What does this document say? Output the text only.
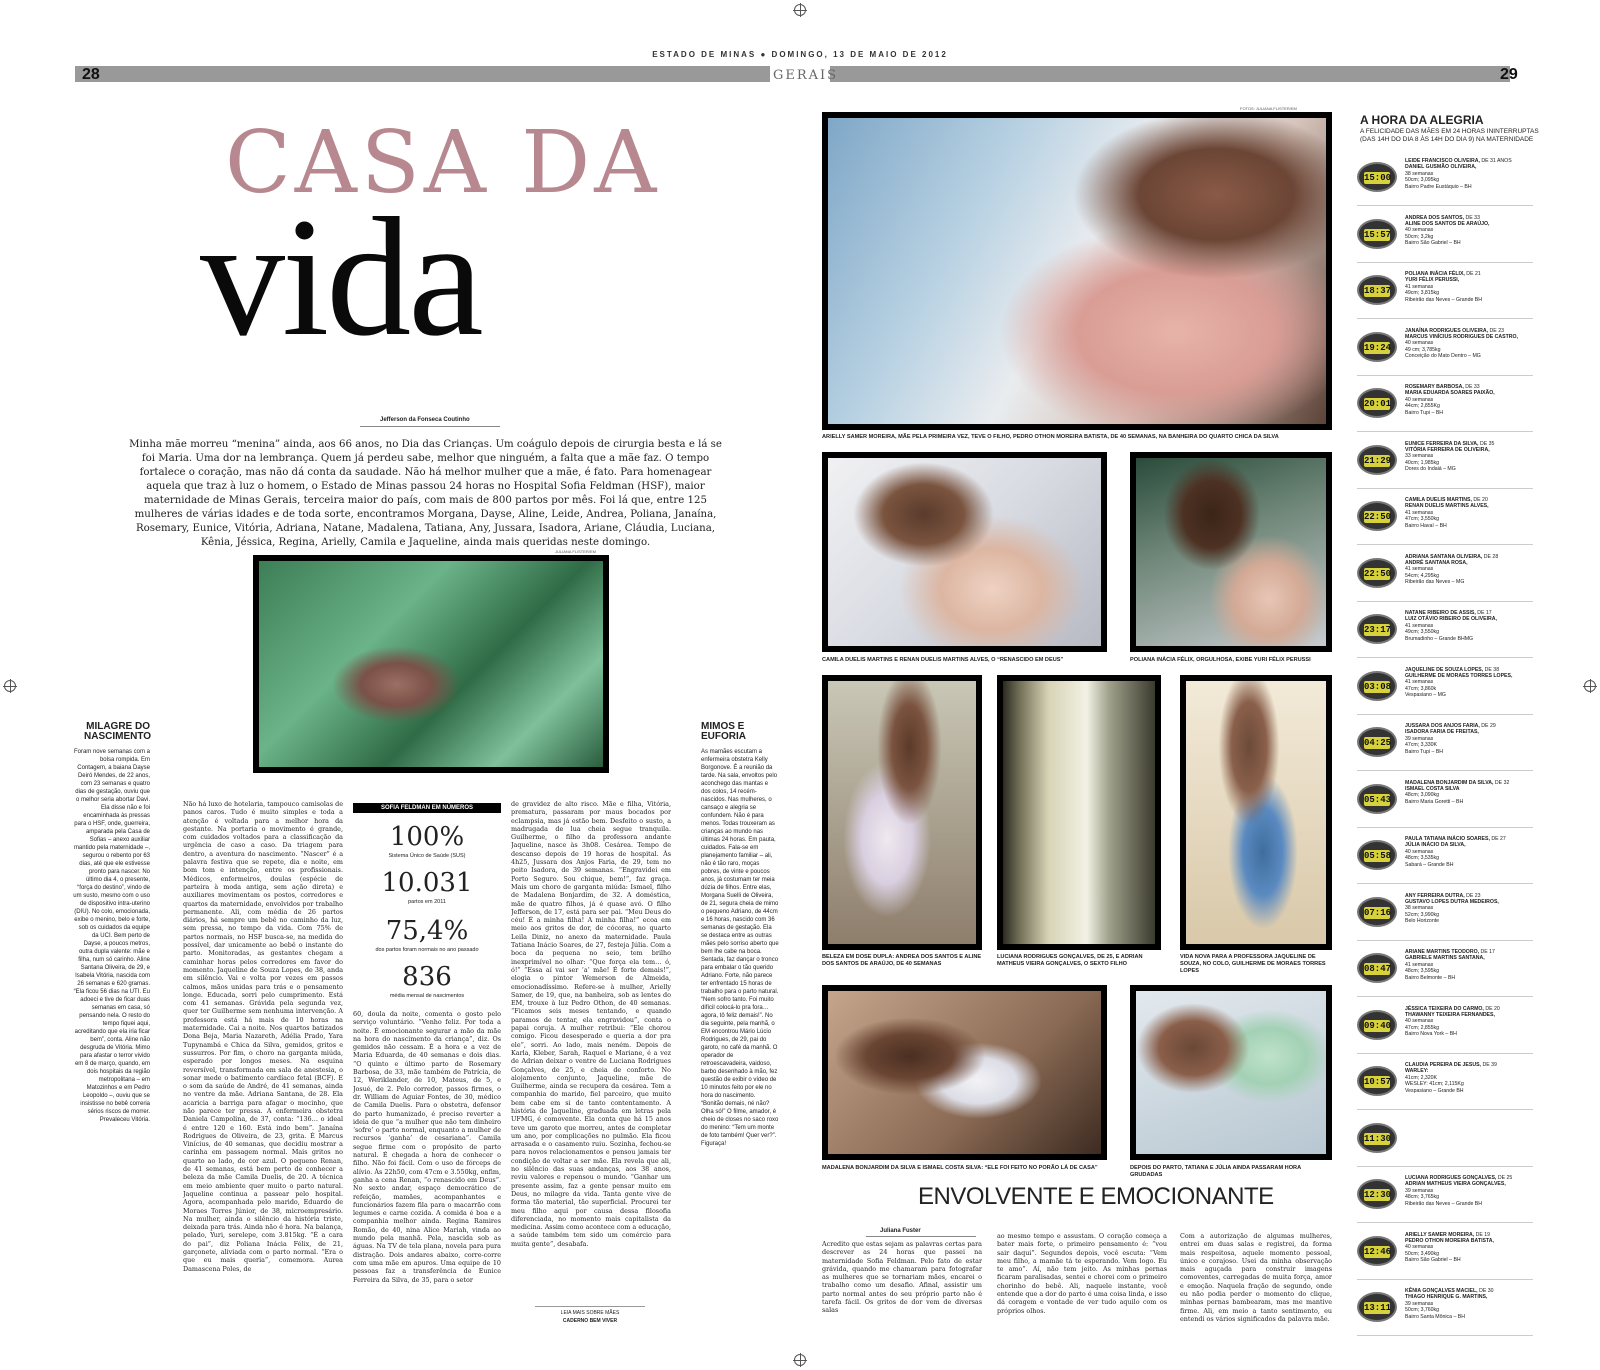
ESTADO DE MINAS ● DOMINGO, 13 DE MAIO DE 2012
28	29
GERAIS
CASA DA
vida
Jefferson da Fonseca Coutinho
Minha mãe morreu “menina” ainda, aos 66 anos, no Dia das Crianças. Um coágulo depois de cirurgia besta e lá se foi Maria. Uma dor na lembrança. Quem já perdeu sabe, melhor que ninguém, a falta que a mãe faz. O tempo fortalece o coração, mas não dá conta da saudade. Não há melhor mulher que a mãe, é fato. Para homenagear aquela que traz à luz o homem, o Estado de Minas passou 24 horas no Hospital Sofia Feldman (HSF), maior maternidade de Minas Gerais, terceira maior do país, com mais de 800 partos por mês. Foi lá que, entre 125 mulheres de várias idades e de toda sorte, encontramos Morgana, Dayse, Aline, Leide, Andrea, Poliana, Janaína, Rosemary, Eunice, Vitória, Adriana, Natane, Madalena, Tatiana, Any, Jussara, Isadora, Ariane, Cláudia, Luciana, Kênia, Jéssica, Regina, Arielly, Camila e Jaqueline, ainda mais queridas neste domingo.
JULIANA FLISTER/EM
MILAGRE DO NASCIMENTO
Foram nove semanas com a bolsa rompida. Em Contagem, a baiana Dayse Deiró Mendes, de 22 anos, com 23 semanas e quatro dias de gestação, ouviu que o melhor seria abortar Davi. Ela disse não e foi encaminhada às pressas para o HSF, onde, guerreira, amparada pela Casa de Sofias – anexo auxiliar mantido pela maternidade –, segurou o rebento por 63 dias, até que ele estivesse pronto para nascer. No último dia 4, o presente, “força do destino”, vindo de um susto, mesmo com o uso de dispositivo intra-uterino (DIU). No colo, emocionada, exibe o menino, belo e forte, sob os cuidados da equipe da UCI. Bem perto de Dayse, a poucos metros, outra dupla valente: mãe e filha, num só carinho. Aline Santana Oliveira, de 29, e Isabela Vitória, nascida com 26 semanas e 620 gramas. “Ela ficou 56 dias na UTI. Eu adoeci e tive de ficar duas semanas em casa, só pensando nela. O resto do tempo fiquei aqui, acreditando que ela iria ficar bem”, conta. Aline não desgruda de Vitória. Mimo para afastar o terror vivido em 8 de março, quando, em dois hospitais da região metropolitana – em Matozinhos e em Pedro Leopoldo –, ouviu que se insistisse no bebê correria sérios riscos de morrer. Prevaleceu Vitória.
Não há luxo de hotelaria, tampouco camisolas de panos caros. Tudo é muito simples e toda a atenção é voltada para a melhor hora da gestante. Na portaria o movimento é grande, com cuidados voltados para a classificação da urgência de caso a caso. Da triagem para dentro, a aventura do nascimento. “Nascer” é a palavra festiva que se repete, dia e noite, em bom tom e intenção, entre os profissionais. Médicos, enfermeiros, doulas (espécie de parteira à moda antiga, sem ação direta) e auxiliares movimentam os postos, corredores e quartos da maternidade, envolvidos por trabalho permanente. Ali, com média de 26 partos diários, há sempre um bebê no caminho da luz, sem pressa, no tempo da vida. Com 75% de partos normais, no HSF busca-se, na medida do possível, dar unicamente ao bebê o instante do parto. Monitoradas, as gestantes chegam a caminhar horas pelos corredores em favor do momento. Jaqueline de Souza Lopes, de 38, anda em silêncio. Vai e volta por vezes em passos calmos, mãos unidas para trás e o pensamento longe. Educada, sorri pelo cumprimento. Está com 41 semanas. Grávida pela segunda vez, quer ter Guilherme sem nenhuma intervenção. A professora está há mais de 10 horas na maternidade. Cai a noite. Nos quartos batizados Dona Beja, Maria Nazareth, Adélia Prado, Yara Tupynambá e Chica da Silva, gemidos, gritos e sussurros. Por fim, o choro na garganta miúda, esperado por longos meses. Na esquina reversível, transformada em sala de anestesia, o sonar mede o batimento cardíaco fetal (BCF). E o som da saúde de André, de 41 semanas, ainda no ventre da mãe. Adriana Santana, de 28. Ela acaricia a barriga para afagar o mocinho, que não parece ter pressa. A enfermeira obstetra Daniela Campolina, de 37, conta: “136… o ideal é entre 120 e 160. Está indo bem”. Janaína Rodrigues de Oliveira, de 23, grita. É Marcus Vinícius, de 40 semanas, que decidiu mostrar a carinha em passagem normal. Mais gritos no quarto ao lado, de cor azul. O pequeno Renan, de 41 semanas, está bem perto de conhecer a beleza da mãe Camila Duelis, de 20. A técnica em meio ambiente quer muito o parto natural. Jaqueline continua a passear pelo hospital. Agora, acompanhada pelo marido, Eduardo de Moraes Torres Júnior, de 38, microempresário. Na mulher, ainda o silêncio da história triste, deixada para trás. Ainda não é hora. Na balança, pelado, Yuri, serelepe, com 3.815kg. “É a cara do pai”, diz Poliana Inácia Félix, de 21, garçonete, aliviada com o parto normal. “Era o que eu mais queria”, comemora. Aurea Damascena Poles, de
60, doula da noite, comenta o gosto pelo serviço voluntário. “Venho feliz. Por toda a noite. É emocionante segurar a mão da mãe na hora do nascimento da criança”, diz. Os gemidos não cessam. É a hora e a vez de Maria Eduarda, de 40 semanas e dois dias. “O quinto e último parto de Rosemary Barbosa, de 33, mãe também de Patrícia, de 12, Weriklander, de 10, Mateus, de 5, e Josué, de 2. Pelo corredor, passos firmes, o dr. William de Aguiar Fontes, de 30, médico de Camila Duelis. Para o obstetra, defensor do parto humanizado, é preciso reverter a ideia de que “a mulher que não tem dinheiro ‘sofre’ o parto normal, enquanto a mulher de recursos ‘ganha’ de cesariana”. Camila segue firme com o propósito de parto natural. É chegada a hora de conhecer o filho. Não foi fácil. Com o uso de fórceps de alívio. Às 22h50, com 47cm e 3.550kg, enfim, ganha a cena Renan, “o renascido em Deus”. No sexto andar, espaço democrático de refeição, mamães, acompanhantes e funcionários fazem fila para o macarrão com legumes e carne cozida. A comida é boa e a companhia melhor ainda. Regina Ramires Romão, de 40, nina Alice Mariah, vinda ao mundo pela manhã. Pela, nascida sob as águas. Na TV de tela plana, novela para pura distração. Dois andares abaixo, corre-corre com uma mãe em apuros. Uma equipe de 10 pessoas faz a transferência de Eunice Ferreira da Silva, de 35, para o setor
de gravidez de alto risco. Mãe e filha, Vitória, prematura, passaram por maus bocados por eclampsia, mas já estão bem. Desfeito o susto, a madrugada de lua cheia segue tranquila. Guilherme, o filho da professora andante Jaqueline, nasce às 3h08. Cesárea. Tempo de descanso depois de 19 horas de hospital. Às 4h25, Jussara dos Anjos Faria, de 29, tem no peito Isadora, de 39 semanas. “Engravidei em Porto Seguro. Sou chique, bem!”, faz graça. Mais um choro de garganta miúda: Ismael, filho de Madalena Bonjardim, de 32. A doméstica, mãe de quatro filhos, já é quase avó. O filho Jefferson, de 17, está para ser pai. “Meu Deus do céu! É a minha filha! A minha filha!” ecoa em meio aos gritos de dor, de cócoras, no quarto Leila Diniz, no anexo da maternidade. Paula Tatiana Inácio Soares, de 27, festeja Júlia. Com a boca da pequena no seio, tem brilho inexprimível no olhar: “Que força ela tem… ó, ó!” “Essa aí vai ser ‘a’ mãe! É forte demais!”, elogia o pintor Wemerson de Almeida, emocionadíssimo. Refere-se à mulher, Arielly Samer, de 19, que, na banheira, sob as lentes do EM, trouxe à luz Pedro Othon, de 40 semanas. “Ficamos seis meses tentando, e quando paramos de tentar, ela engravidou”, conta o papai coruja. A mulher retribui: “Ele chorou comigo. Ficou desesperado e queria a dor pra ele”, sorri. Ao lado, mais neném. Depois de Karla, Kleber, Sarah, Raquel e Mariane, é a vez de Adrian deixar o ventre de Luciana Rodrigues Gonçalves, de 25, e cheia de conforto. No alojamento conjunto, Jaqueline, mãe de Guilherme, ainda se recupera da cesárea. Tem a companhia do marido, fiel parceiro, que muito bem cabe em si de tanto contentamento. A história de Jaqueline, graduada em letras pela UFMG, é comovente. Ela conta que há 15 anos teve um garoto que morreu, antes de completar um ano, por complicações no pulmão. Ela ficou arrasada e o casamento ruiu. Sozinha, fechou-se para novos relacionamentos e pensou jamais ter condição de voltar a ser mãe. Ela revela que ali, no silêncio das suas andanças, aos 38 anos, reviu valores e repensou o mundo. “Ganhar um presente assim, faz a gente pensar muito em Deus, no milagre da vida. Tanta gente vive de forma tão material, tão superficial. Procurei ter meu filho aqui por causa dessa filosofia diferenciada, no momento mais capitalista da medicina. Assim como acontece com a educação, a saúde também tem sido um comércio para muita gente”, desabafa.
SOFIA FELDMAN EM NÚMEROS
100%
Sistema Único de Saúde (SUS)
10.031
partos em 2011
75,4%
dos partos foram normais no ano passado
836
média mensal de nascimentos
LEIA MAIS SOBRE MÃES
CADERNO BEM VIVER
MIMOS E EUFORIA
As mamães escutam a enfermeira obstetra Kelly Borgonove. É a reunião da tarde. Na sala, envoltos pelo aconchego das mantas e dos colos, 14 recém-nascidos. Nas mulheres, o cansaço e alegria se confundem. Não é para menos. Todas trouxeram as crianças ao mundo nas últimas 24 horas. Em pauta, cuidados. Fala-se em planejamento familiar – ali, não é tão raro, moças pobres, de vinte e poucos anos, já costumam ter meia dúzia de filhos. Entre elas, Morgana Suelli de Oliveira, de 21, segura cheia de mimo o pequeno Adriano, de 44cm e 16 horas, nascido com 36 semanas de gestação. Ela se destaca entre as outras mães pelo sorriso aberto que bem lhe cabe na boca. Sentada, faz dançar o tronco para embalar o tão querido Adriano. Forte, não parece ter enfrentado 15 horas de trabalho para o parto natural. “Nem sofro tanto. Foi muito difícil colocá-lo pra fora… agora, tô feliz demais!”. No dia seguinte, pela manhã, o EM encontrou Mário Lúcio Rodrigues, de 29, pai do garoto, no café da manhã. O operador de retroescavadeira, vaidoso, barbo desenhado à mão, fez questão de exibir o vídeo de 10 minutos feito por ele no hora do nascimento. “Bonitão demais, né não? Olha só!” O filme, amador, é cheio de closes no saco roxo do menino: “Tem um monte de foto também! Quer ver?”. Figuraça!
FOTOS: JULIANA FLISTER/EM
ARIELLY SAMER MOREIRA, MÃE PELA PRIMEIRA VEZ, TEVE O FILHO, PEDRO OTHON MOREIRA BATISTA, DE 40 SEMANAS, NA BANHEIRA DO QUARTO CHICA DA SILVA
CAMILA DUELIS MARTINS E RENAN DUELIS MARTINS ALVES, O “RENASCIDO EM DEUS”	POLIANA INÁCIA FÉLIX, ORGULHOSA, EXIBE YURI FÉLIX PERUSSI
BELEZA EM DOSE DUPLA: ANDREA DOS SANTOS E ALINE DOS SANTOS DE ARAÚJO, DE 40 SEMANAS
LUCIANA RODRIGUES GONÇALVES, DE 25, E ADRIAN MATHEUS VIEIRA GONÇALVES, O SEXTO FILHO
VIDA NOVA PARA A PROFESSORA JAQUELINE DE SOUZA, NO COLO, GUILHERME DE MORAES TORRES LOPES
MADALENA BONJARDIM DA SILVA E ISMAEL COSTA SILVA: “ELE FOI FEITO NO PORÃO LÁ DE CASA”	DEPOIS DO PARTO, TATIANA E JÚLIA AINDA PASSARAM HORA GRUDADAS
ENVOLVENTE E EMOCIONANTE
Juliana Fuster
Acredito que estas sejam as palavras certas para descrever as 24 horas que passei na maternidade Sofia Feldman. Pelo fato de estar grávida, quando me chamaram para fotografar as mulheres que se tornariam mães, encarei o trabalho como um desafio. Afinal, assistir um parto normal antes do seu próprio parto não é tarefa fácil. Os gritos de dor vem de diversas salas
ao mesmo tempo e assustam. O coração começa a bater mais forte, o primeiro pensamento é: “vou sair daqui”. Segundos depois, você escuta: “Vem meu filho, a mamãe tá te esperando. Vem logo. Eu te amo”. Aí, não tem jeito. As minhas pernas ficaram paralisadas, sentei e chorei com o primeiro chorinho do bebê. Ali, naquele instante, você entende que a dor do parto é uma coisa linda, e isso dá coragem e vontade de ver tudo aquilo com os próprios olhos.
Com a autorização de algumas mulheres, entrei em duas salas e registrei, da forma mais respeitosa, aquele momento pessoal, único e corajoso. Usei da minha observação mais aguçada para construir imagens comoventes, carregadas de muita força, amor e emoção. Naquela fração de segundo, onde eu não podia perder o momento do clique, minhas pernas bambearam, mas me mantive firme. Ali, em meio a tanto sentimento, eu entendi os vários significados da palavra mãe.
A HORA DA ALEGRIA
A FELICIDADE DAS MÃES EM 24 HORAS ININTERRUPTAS (DAS 14H DO DIA 8 ÀS 14H DO DIA 9) NA MATERNIDADE
15:00
LEIDE FRANCISCO OLIVEIRA, DE 31 ANOS
DANIEL GUSMÃO OLIVEIRA,
38 semanas
50cm; 3,095kg
Bairro Padre Eustáquio – BH
15:57
ANDREA DOS SANTOS, DE 33
ALINE DOS SANTOS DE ARAÚJO,
40 semanas
50cm; 3,2kg
Bairro São Gabriel – BH
18:37
POLIANA INÁCIA FÉLIX, DE 21
YURI FÉLIX PERUSSI,
41 semanas
49cm; 3,815kg
Ribeirão das Neves – Grande BH
19:24
JANAÍNA RODRIGUES OLIVEIRA, DE 23
MARCUS VINÍCIUS RODRIGUES DE CASTRO,
40 semanas
49 cm; 3,785kg
Conceição do Mato Dentro – MG
20:01
ROSEMARY BARBOSA, DE 33
MARIA EDUARDA SOARES PAIXÃO,
40 semanas
44cm; 2,855Kg
Bairro Tupi – BH
21:29
EUNICE FERREIRA DA SILVA, DE 35
VITÓRIA FERREIRA DE OLIVEIRA,
33 semanas
40cm; 1,985kg
Dores do Indaiá – MG
22:50
CAMILA DUELIS MARTINS, DE 20
RENAN DUELIS MARTINS ALVES,
41 semanas
47cm; 3,550kg
Bairro Havaí – BH
22:50
ADRIANA SANTANA OLIVEIRA, DE 28
ANDRÉ SANTANA ROSA,
41 semanas
54cm; 4,295kg
Ribeirão das Neves – MG
23:17
NATANE RIBEIRO DE ASSIS, DE 17
LUIZ OTÁVIO RIBEIRO DE OLIVEIRA,
41 semanas
49cm; 3,550kg
Brumadinho – Grande BHMG
03:08
JAQUELINE DE SOUZA LOPES, DE 38
GUILHERME DE MORAES TORRES LOPES,
41 semanas
47cm; 3,860k
Vespasiano – MG
04:25
JUSSARA DOS ANJOS FARIA, DE 29
ISADORA FARIA DE FREITAS,
39 semanas
47cm; 3,330K
Bairro Tupi – BH
05:43
MADALENA BONJARDIM DA SILVA, DE 32
ISMAEL COSTA SILVA
48cm; 3,090kg
Bairro Maria Goretti – BH
05:58
PAULA TATIANA INÁCIO SOARES, DE 27
JÚLIA INÁCIO DA SILVA,
40 semanas
48cm; 3,535kg
Sabará – Grande BH
07:16
ANY FERREIRA DUTRA, DE 23
GUSTAVO LOPES DUTRA MEDEIROS,
38 semanas
52cm; 3,990kg
Belo Horizonte
08:47
ARIANE MARTINS TEODORO, DE 17
GABRIELE MARTINS SANTANA,
41 semanas
48cm; 3,595kg
Bairro Belmonte – BH
09:40
JÉSSICA TEIXEIRA DO CARMO, DE 20
THAWANNY TEIXEIRA FERNANDES,
40 semanas
47cm; 2,855kg
Bairro Nova York – BH
10:57
CLAUDIA PEREIRA DE JESUS, DE 39
WARLEY:
41cm; 2,320K
WESLEY: 41cm; 2,115Kg
Vespasiano – Grande BH
11:30
12:30
LUCIANA RODRIGUES GONÇALVES, DE 25
ADRIAN MATHEUS VIEIRA GONÇALVES,
39 semanas
48cm; 3,765kg
Ribeirão das Neves – Grande BH
12:46
ARIELLY SAMER MOREIRA, DE 19
PEDRO OTHON MOREIRA BATISTA,
40 semanas
50cm; 3,490kg
Bairro São Gabriel – BH
13:11
KÊNIA GONÇALVES MACIEL, DE 30
THIAGO HENRIQUE G. MARTINS,
39 semanas
50cm; 3,760kg
Bairro Santa Mônica – BH
